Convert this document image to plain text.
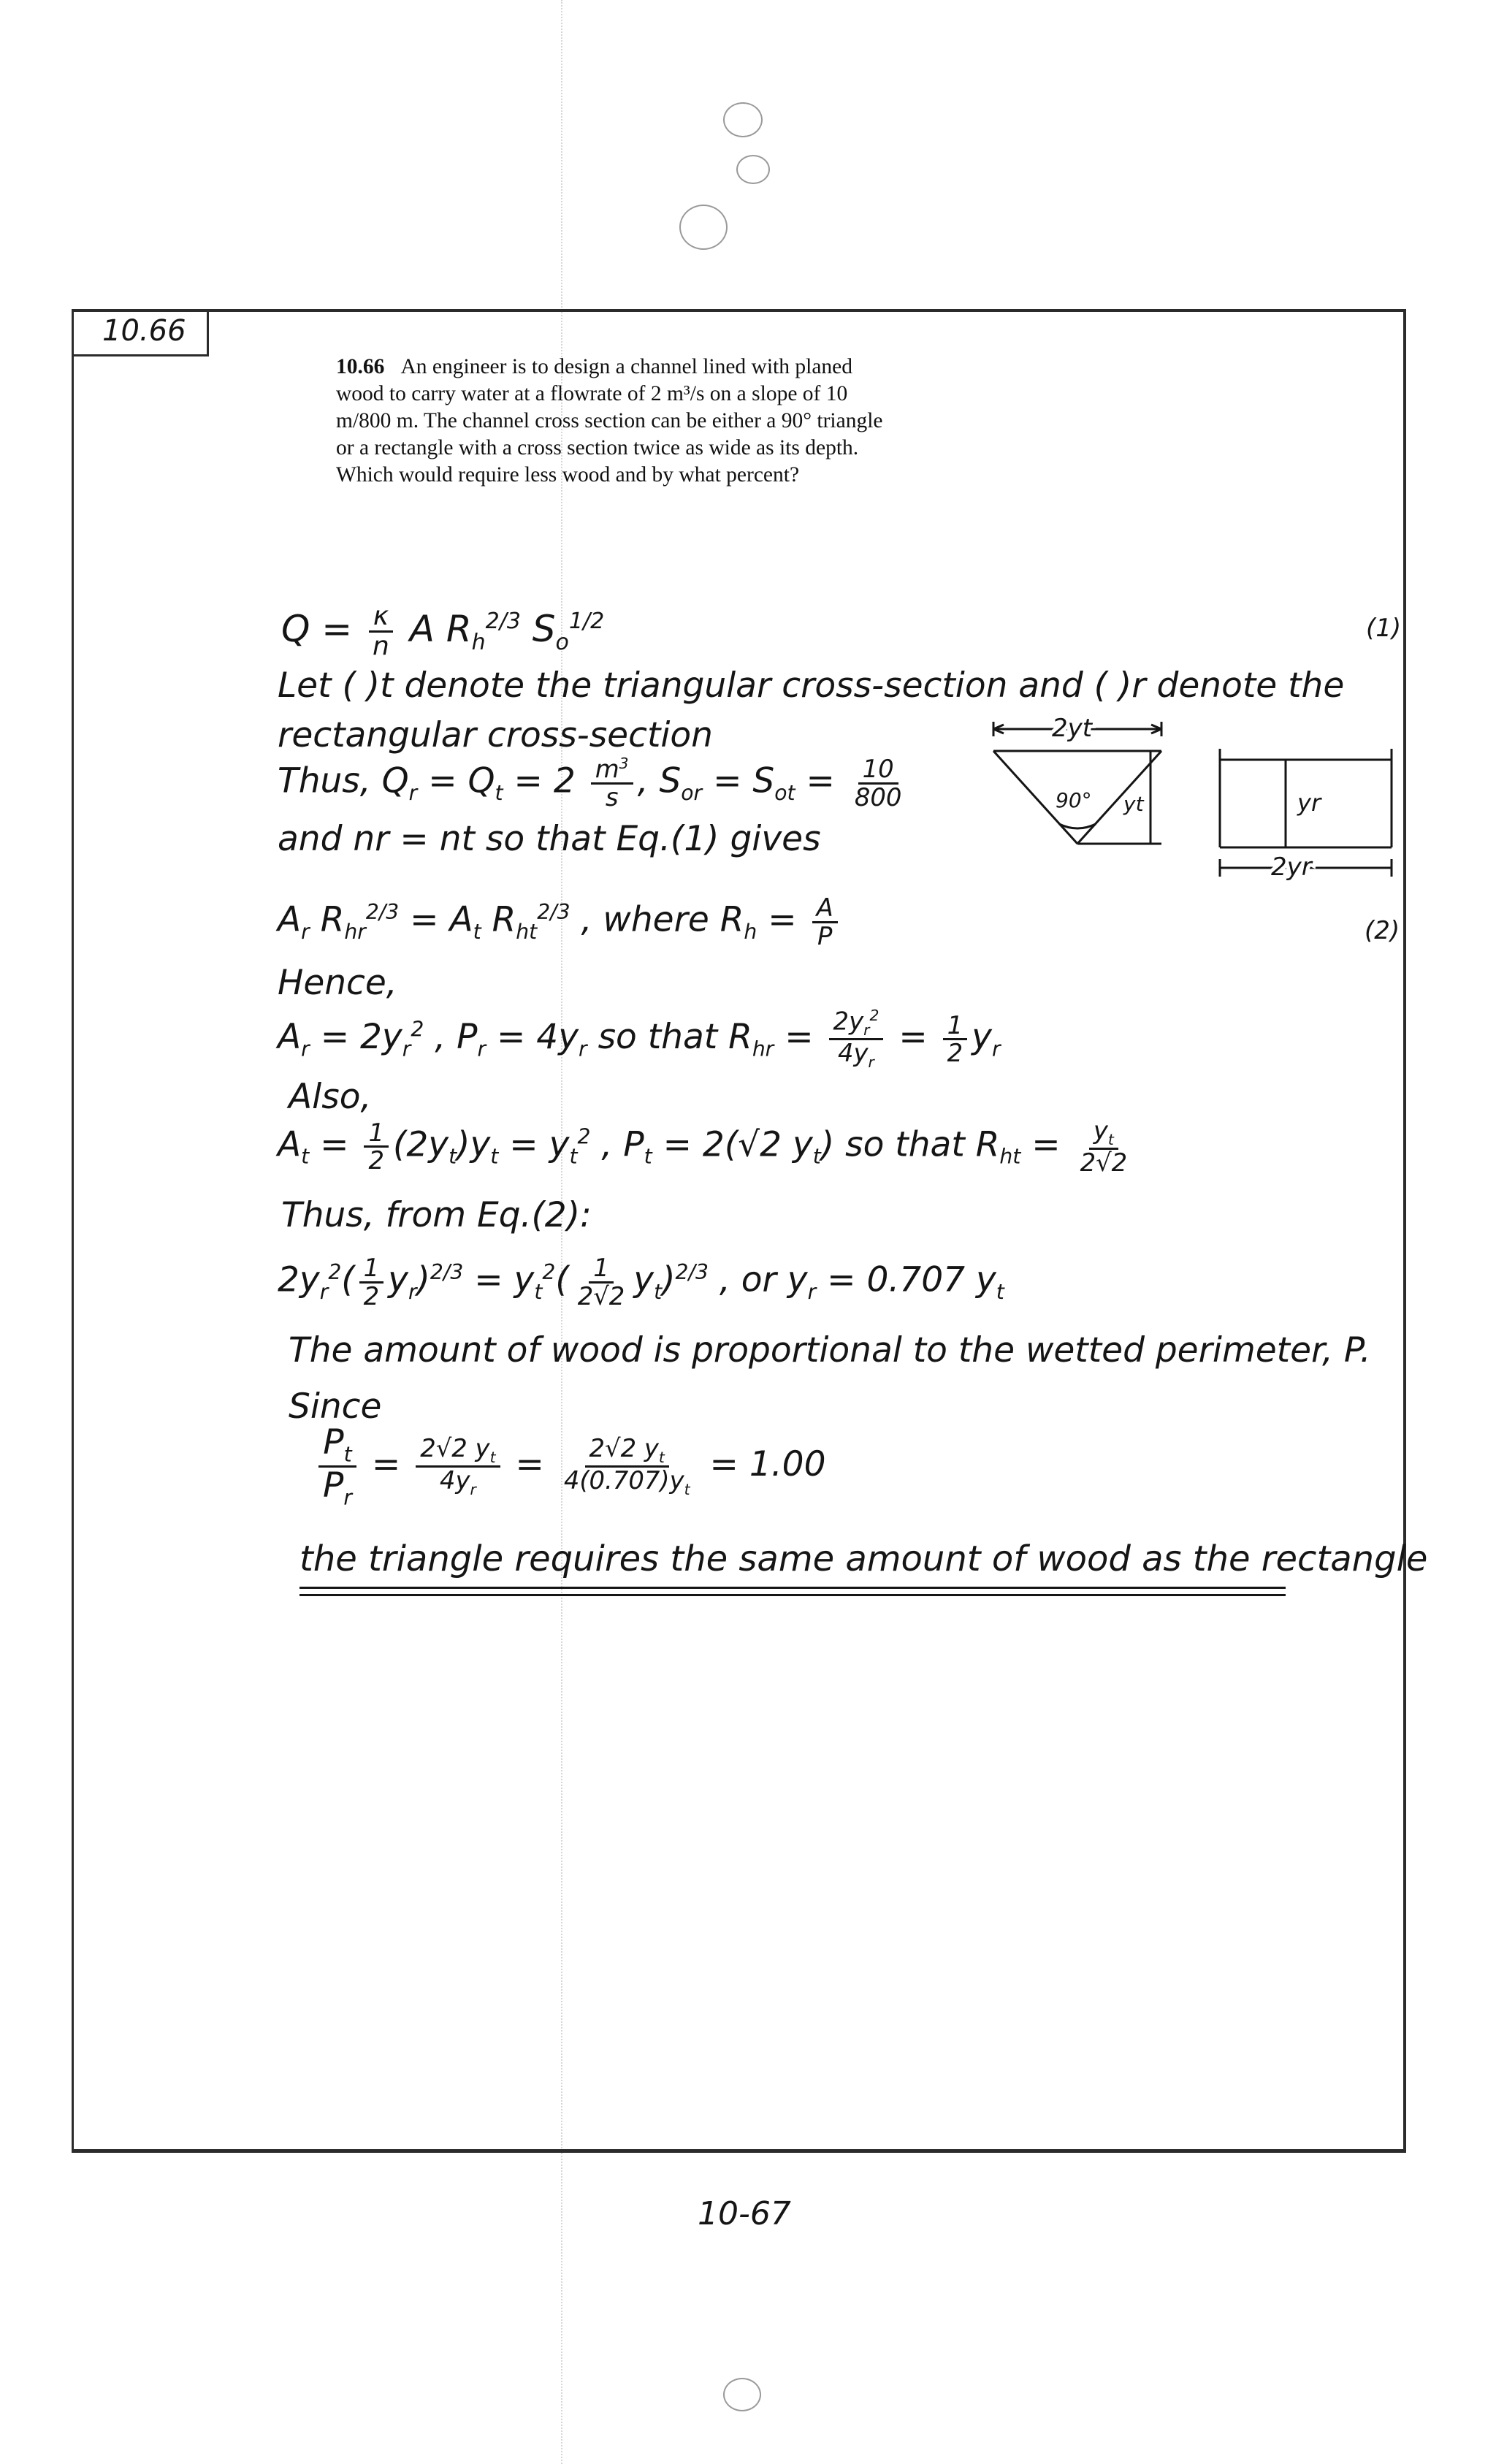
10.66
10.66 An engineer is to design a channel lined with planed
wood to carry water at a flowrate of 2 m³/s on a slope of 10
m/800 m. The channel cross section can be either a 90° triangle
or a rectangle with a cross section twice as wide as its depth.
Which would require less wood and by what percent?
(1)
(2)
$Q = \frac{\kappa}{n}$ A $R_h^{2/3}$ $S_o^{1/2}$
Let ( )t denote the triangular cross-section and ( )r denote the
rectangular cross-section
Thus, $Q_r = Q_t = 2 \frac{m^3}{s}$ , $S_{or} = S_{ot} = \frac{10}{800}$
and nr = nt so that Eq.(1) gives
2yt
90° yt	yr
2yr
$A_r$ $R_{hr}^{2/3} = A_t$ $R_{ht}^{2/3}$ , where $R_h = \frac{A}{P}$
Hence,
$A_r = 2y_r^2$ , $P_r = 4y_r$ so that $R_{hr} = \frac{2y_r^2}{4y_r} = \frac{1}{2} y_r$
Also,
$A_t = \frac{1}{2} (2y_t)y_t = y_t^2$ , $P_t = 2(√2$ $y_t$) so that $R_{ht} = \frac{y_t}{2√2}$
Thus, from Eq.(2):
$2y_r^2( \frac{1}{2} y_r)^{2/3} = y_t^2( \frac{1}{2√2} y_t)^{2/3}$ , or $y_r = 0.707$ $y_t$
The amount of wood is proportional to the wetted perimeter, P.
Since
$\frac{P_t}{P_r} = \frac{2√2 y_t}{4y_r} = \frac{2√2 y_t}{4(0.707)y_t} = 1.00$
the triangle requires the same amount of wood as the rectangle
10-67
